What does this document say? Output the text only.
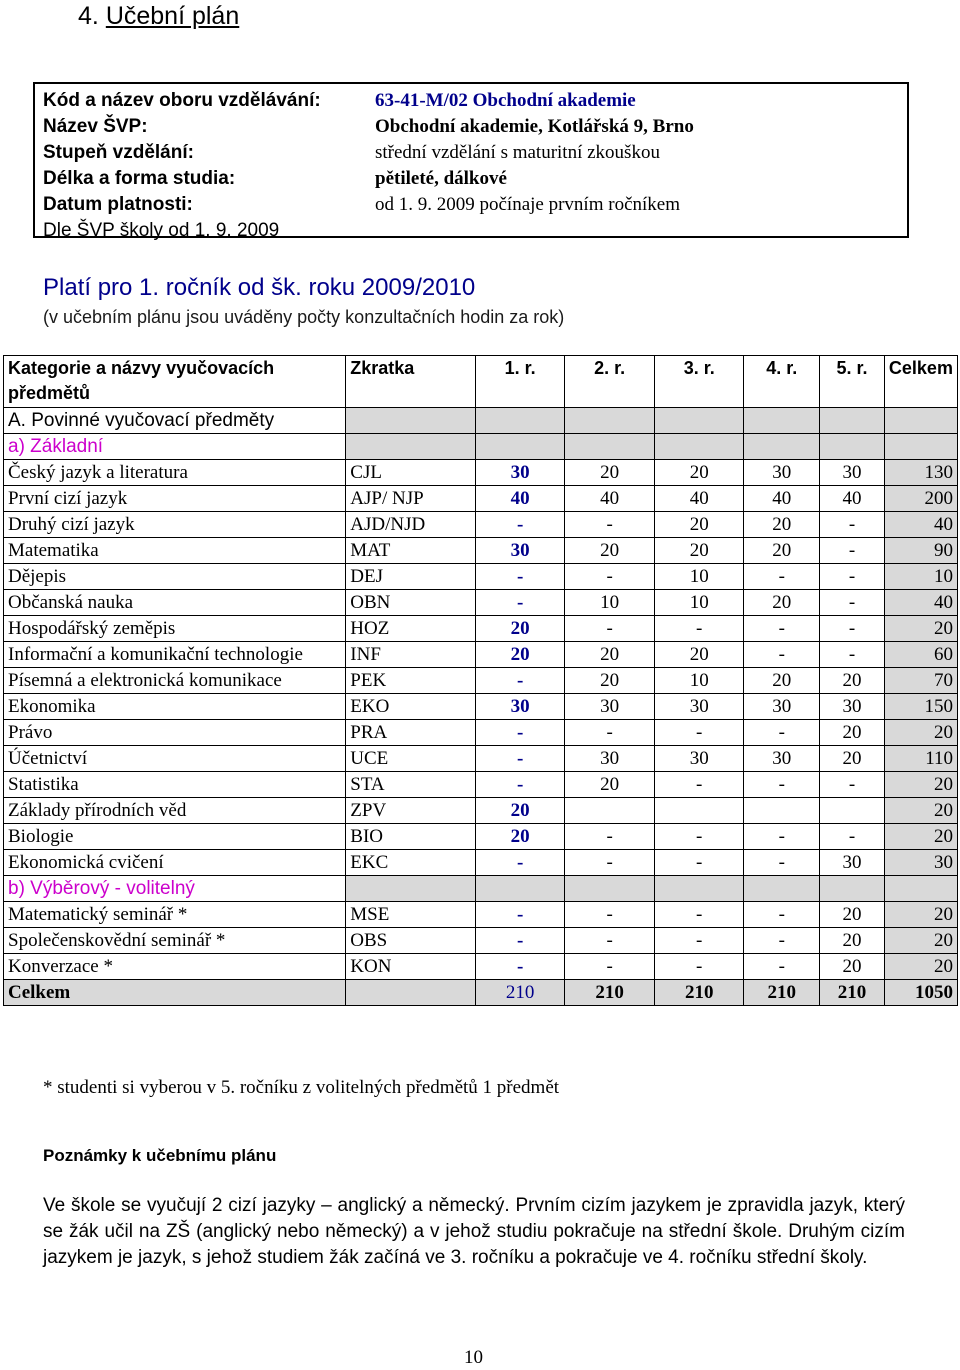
4. Učební plán
Kód a název oboru vzdělávání:	63-41-M/02 Obchodní akademie
Název ŠVP:	Obchodní akademie, Kotlářská 9, Brno
Stupeň vzdělání:	střední vzdělání s maturitní zkouškou
Délka a forma studia:	pětileté, dálkové
Datum platnosti:	od 1. 9. 2009 počínaje prvním ročníkem
Dle ŠVP školy od 1. 9. 2009
Platí pro 1. ročník od šk. roku 2009/2010
(v učebním plánu jsou uváděny počty konzultačních hodin za rok)
Kategorie a názvy vyučovacích předmětů	Zkratka	1. r.	2. r.	3. r.	4. r.	5. r.	Celkem
A. Povinné vyučovací předměty							
a) Základní							
Český jazyk a literatura	CJL	30	20	20	30	30	130
První cizí jazyk	AJP/ NJP	40	40	40	40	40	200
Druhý cizí jazyk	AJD/NJD	-	-	20	20	-	40
Matematika	MAT	30	20	20	20	-	90
Dějepis	DEJ	-	-	10	-	-	10
Občanská nauka	OBN	-	10	10	20	-	40
Hospodářský zeměpis	HOZ	20	-	-	-	-	20
Informační a komunikační technologie	INF	20	20	20	-	-	60
Písemná a elektronická komunikace	PEK	-	20	10	20	20	70
Ekonomika	EKO	30	30	30	30	30	150
Právo	PRA	-	-	-	-	20	20
Účetnictví	UCE	-	30	30	30	20	110
Statistika	STA	-	20	-	-	-	20
Základy přírodních věd	ZPV	20					20
Biologie	BIO	20	-	-	-	-	20
Ekonomická cvičení	EKC	-	-	-	-	30	30
b) Výběrový - volitelný							
Matematický seminář *	MSE	-	-	-	-	20	20
Společenskovědní seminář *	OBS	-	-	-	-	20	20
Konverzace *	KON	-	-	-	-	20	20
Celkem		210	210	210	210	210	1050
* studenti si vyberou v 5. ročníku z volitelných předmětů 1 předmět
Poznámky k učebnímu plánu
Ve škole se vyučují 2 cizí jazyky – anglický a německý. Prvním cizím jazykem je zpravidla jazyk, který se žák učil na ZŠ (anglický nebo německý) a v jehož studiu pokračuje na střední škole. Druhým cizím jazykem je jazyk, s jehož studiem žák začíná ve 3. ročníku a pokračuje ve 4. ročníku střední školy.
10
